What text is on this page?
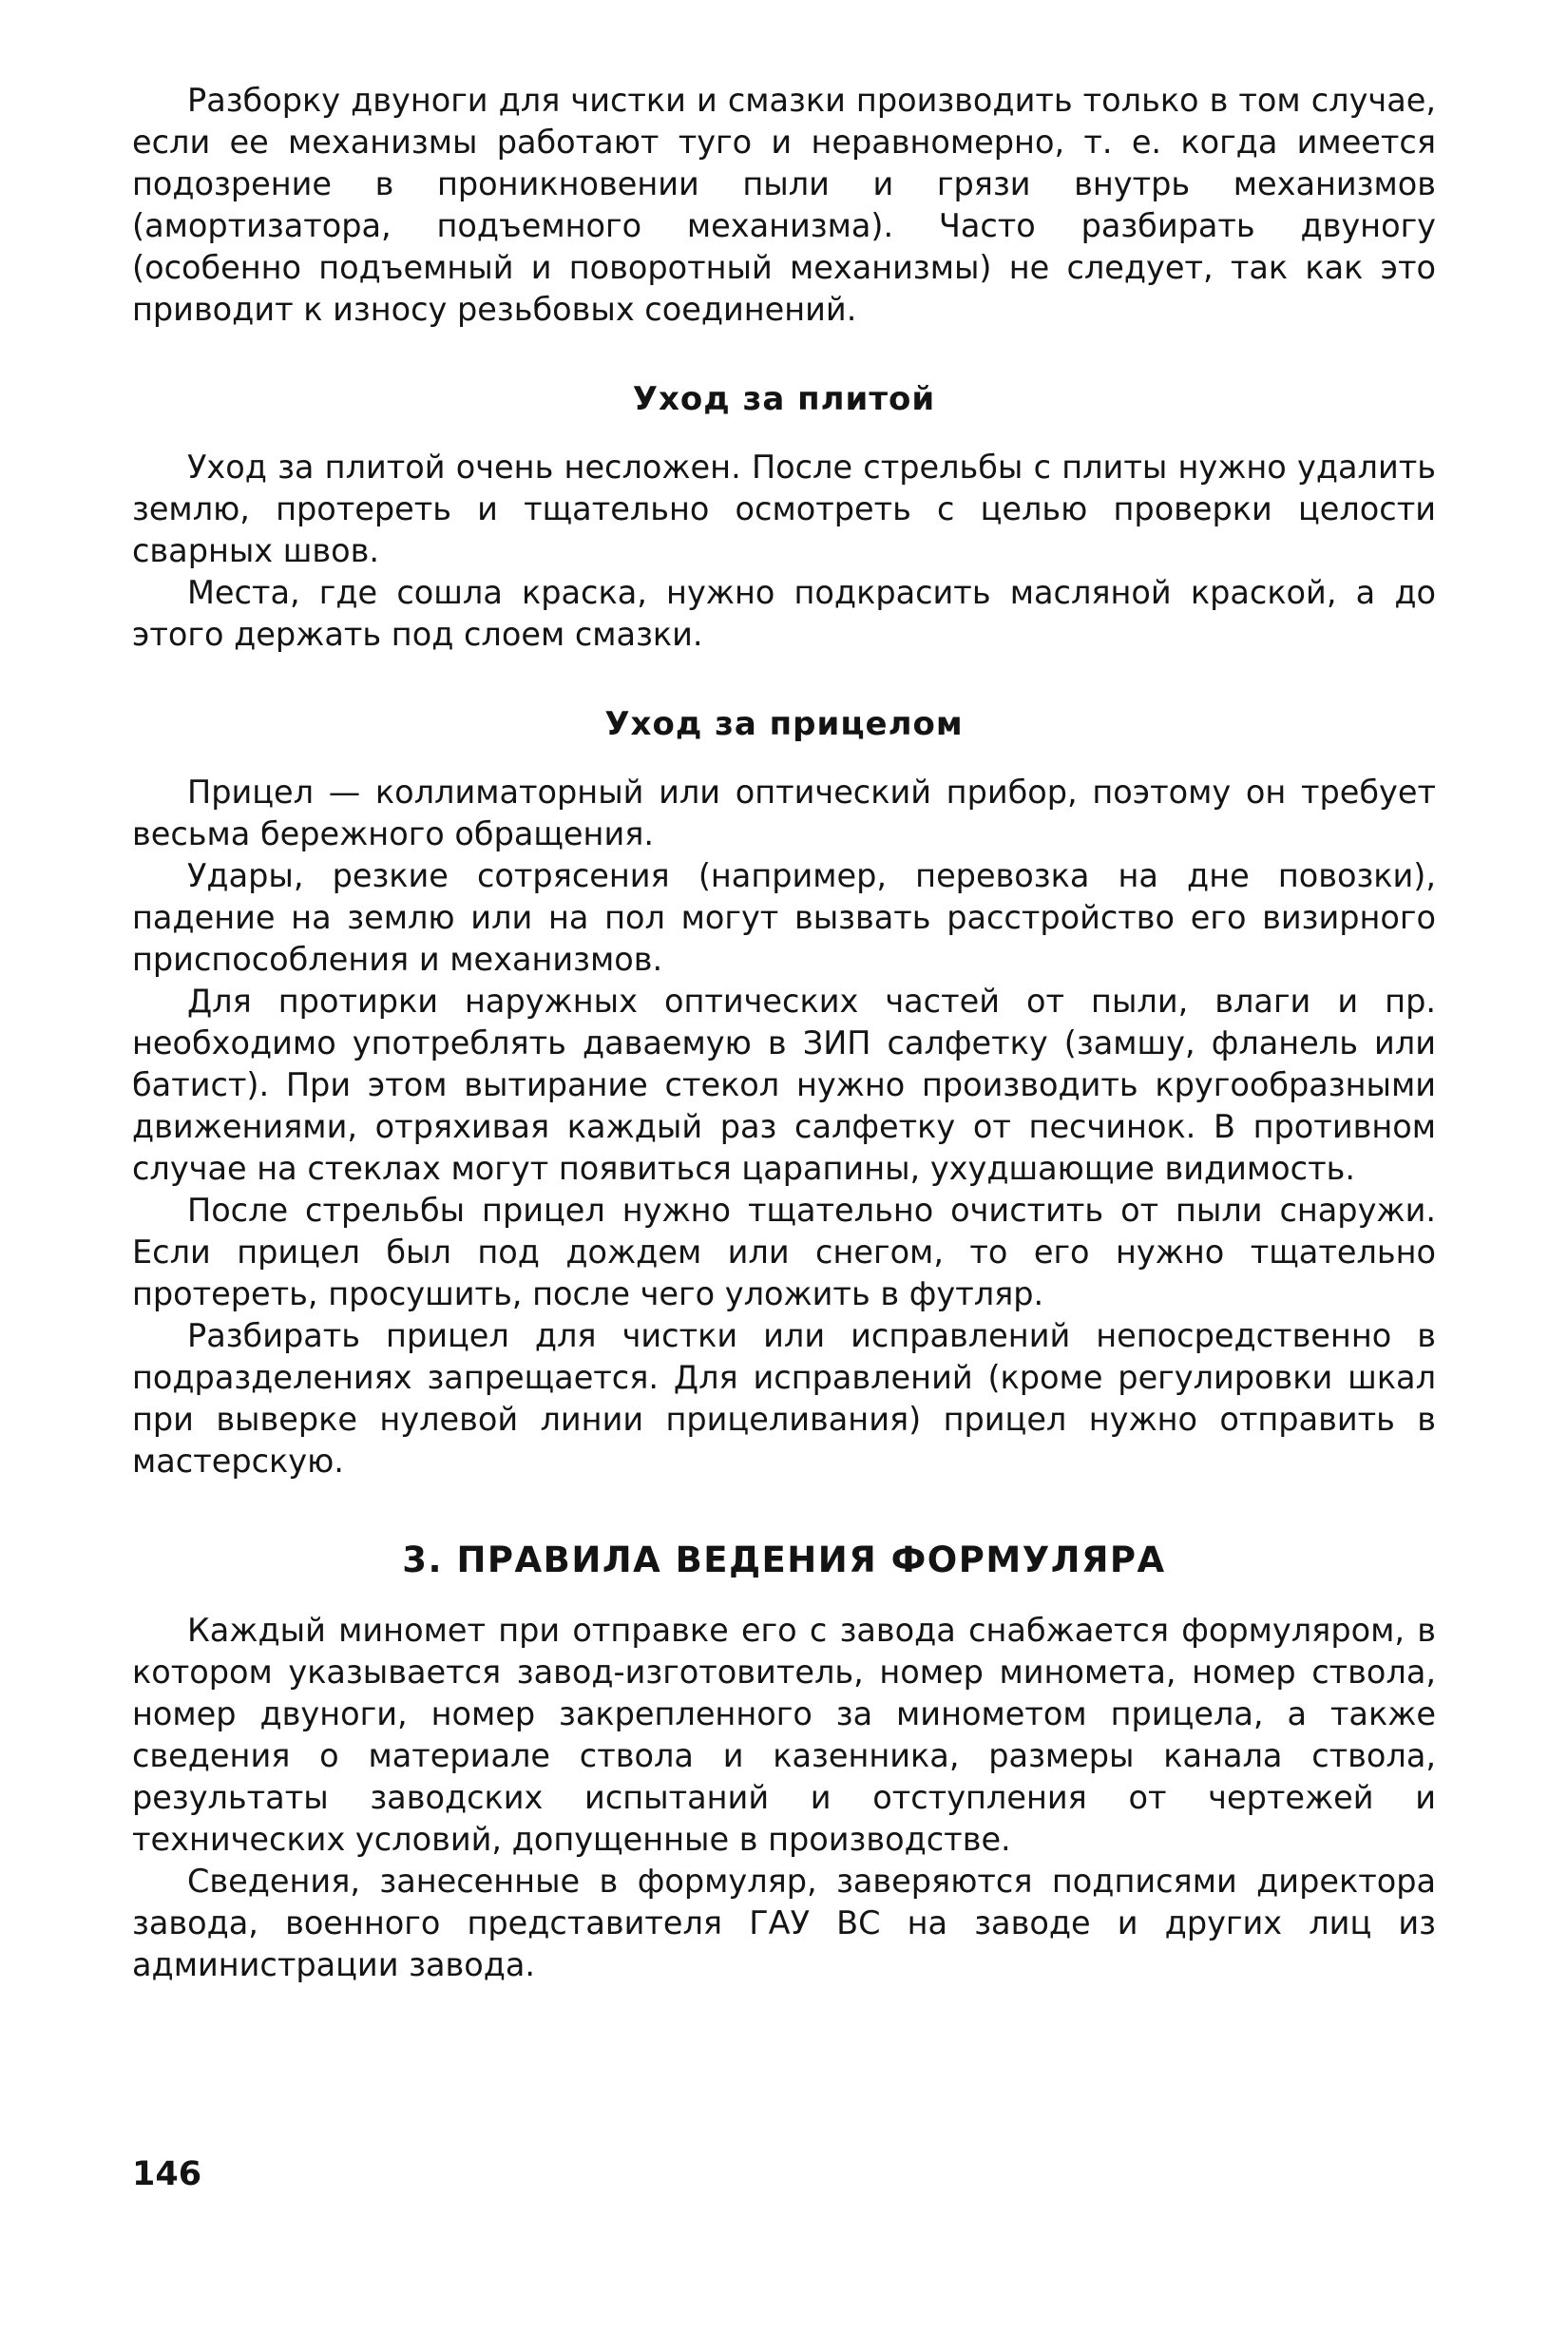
Разборку двуноги для чистки и смазки производить только в том случае, если ее механизмы работают туго и неравномерно, т. е. когда имеется подозрение в проникновении пыли и грязи внутрь механизмов (амортизатора, подъемного механизма). Часто разбирать двуногу (особенно подъемный и поворотный механизмы) не следует, так как это приводит к износу резьбовых соединений.

Уход за плитой

Уход за плитой очень несложен. После стрельбы с плиты нужно удалить землю, протереть и тщательно осмотреть с целью проверки целости сварных швов.

Места, где сошла краска, нужно подкрасить масляной краской, а до этого держать под слоем смазки.

Уход за прицелом

Прицел — коллиматорный или оптический прибор, поэтому он требует весьма бережного обращения.

Удары, резкие сотрясения (например, перевозка на дне повозки), падение на землю или на пол могут вызвать расстройство его визирного приспособления и механизмов.

Для протирки наружных оптических частей от пыли, влаги и пр. необходимо употреблять даваемую в ЗИП салфетку (замшу, фланель или батист). При этом вытирание стекол нужно производить кругообразными движениями, отряхивая каждый раз салфетку от песчинок. В противном случае на стеклах могут появиться царапины, ухудшающие видимость.

После стрельбы прицел нужно тщательно очистить от пыли снаружи. Если прицел был под дождем или снегом, то его нужно тщательно протереть, просушить, после чего уложить в футляр.

Разбирать прицел для чистки или исправлений непосредственно в подразделениях запрещается. Для исправлений (кроме регулировки шкал при выверке нулевой линии прицеливания) прицел нужно отправить в мастерскую.

3. ПРАВИЛА ВЕДЕНИЯ ФОРМУЛЯРА

Каждый миномет при отправке его с завода снабжается формуляром, в котором указывается завод-изготовитель, номер миномета, номер ствола, номер двуноги, номер закрепленного за минометом прицела, а также сведения о материале ствола и казенника, размеры канала ствола, результаты заводских испытаний и отступления от чертежей и технических условий, допущенные в производстве.

Сведения, занесенные в формуляр, заверяются подписями директора завода, военного представителя ГАУ ВС на заводе и других лиц из администрации завода.

146
